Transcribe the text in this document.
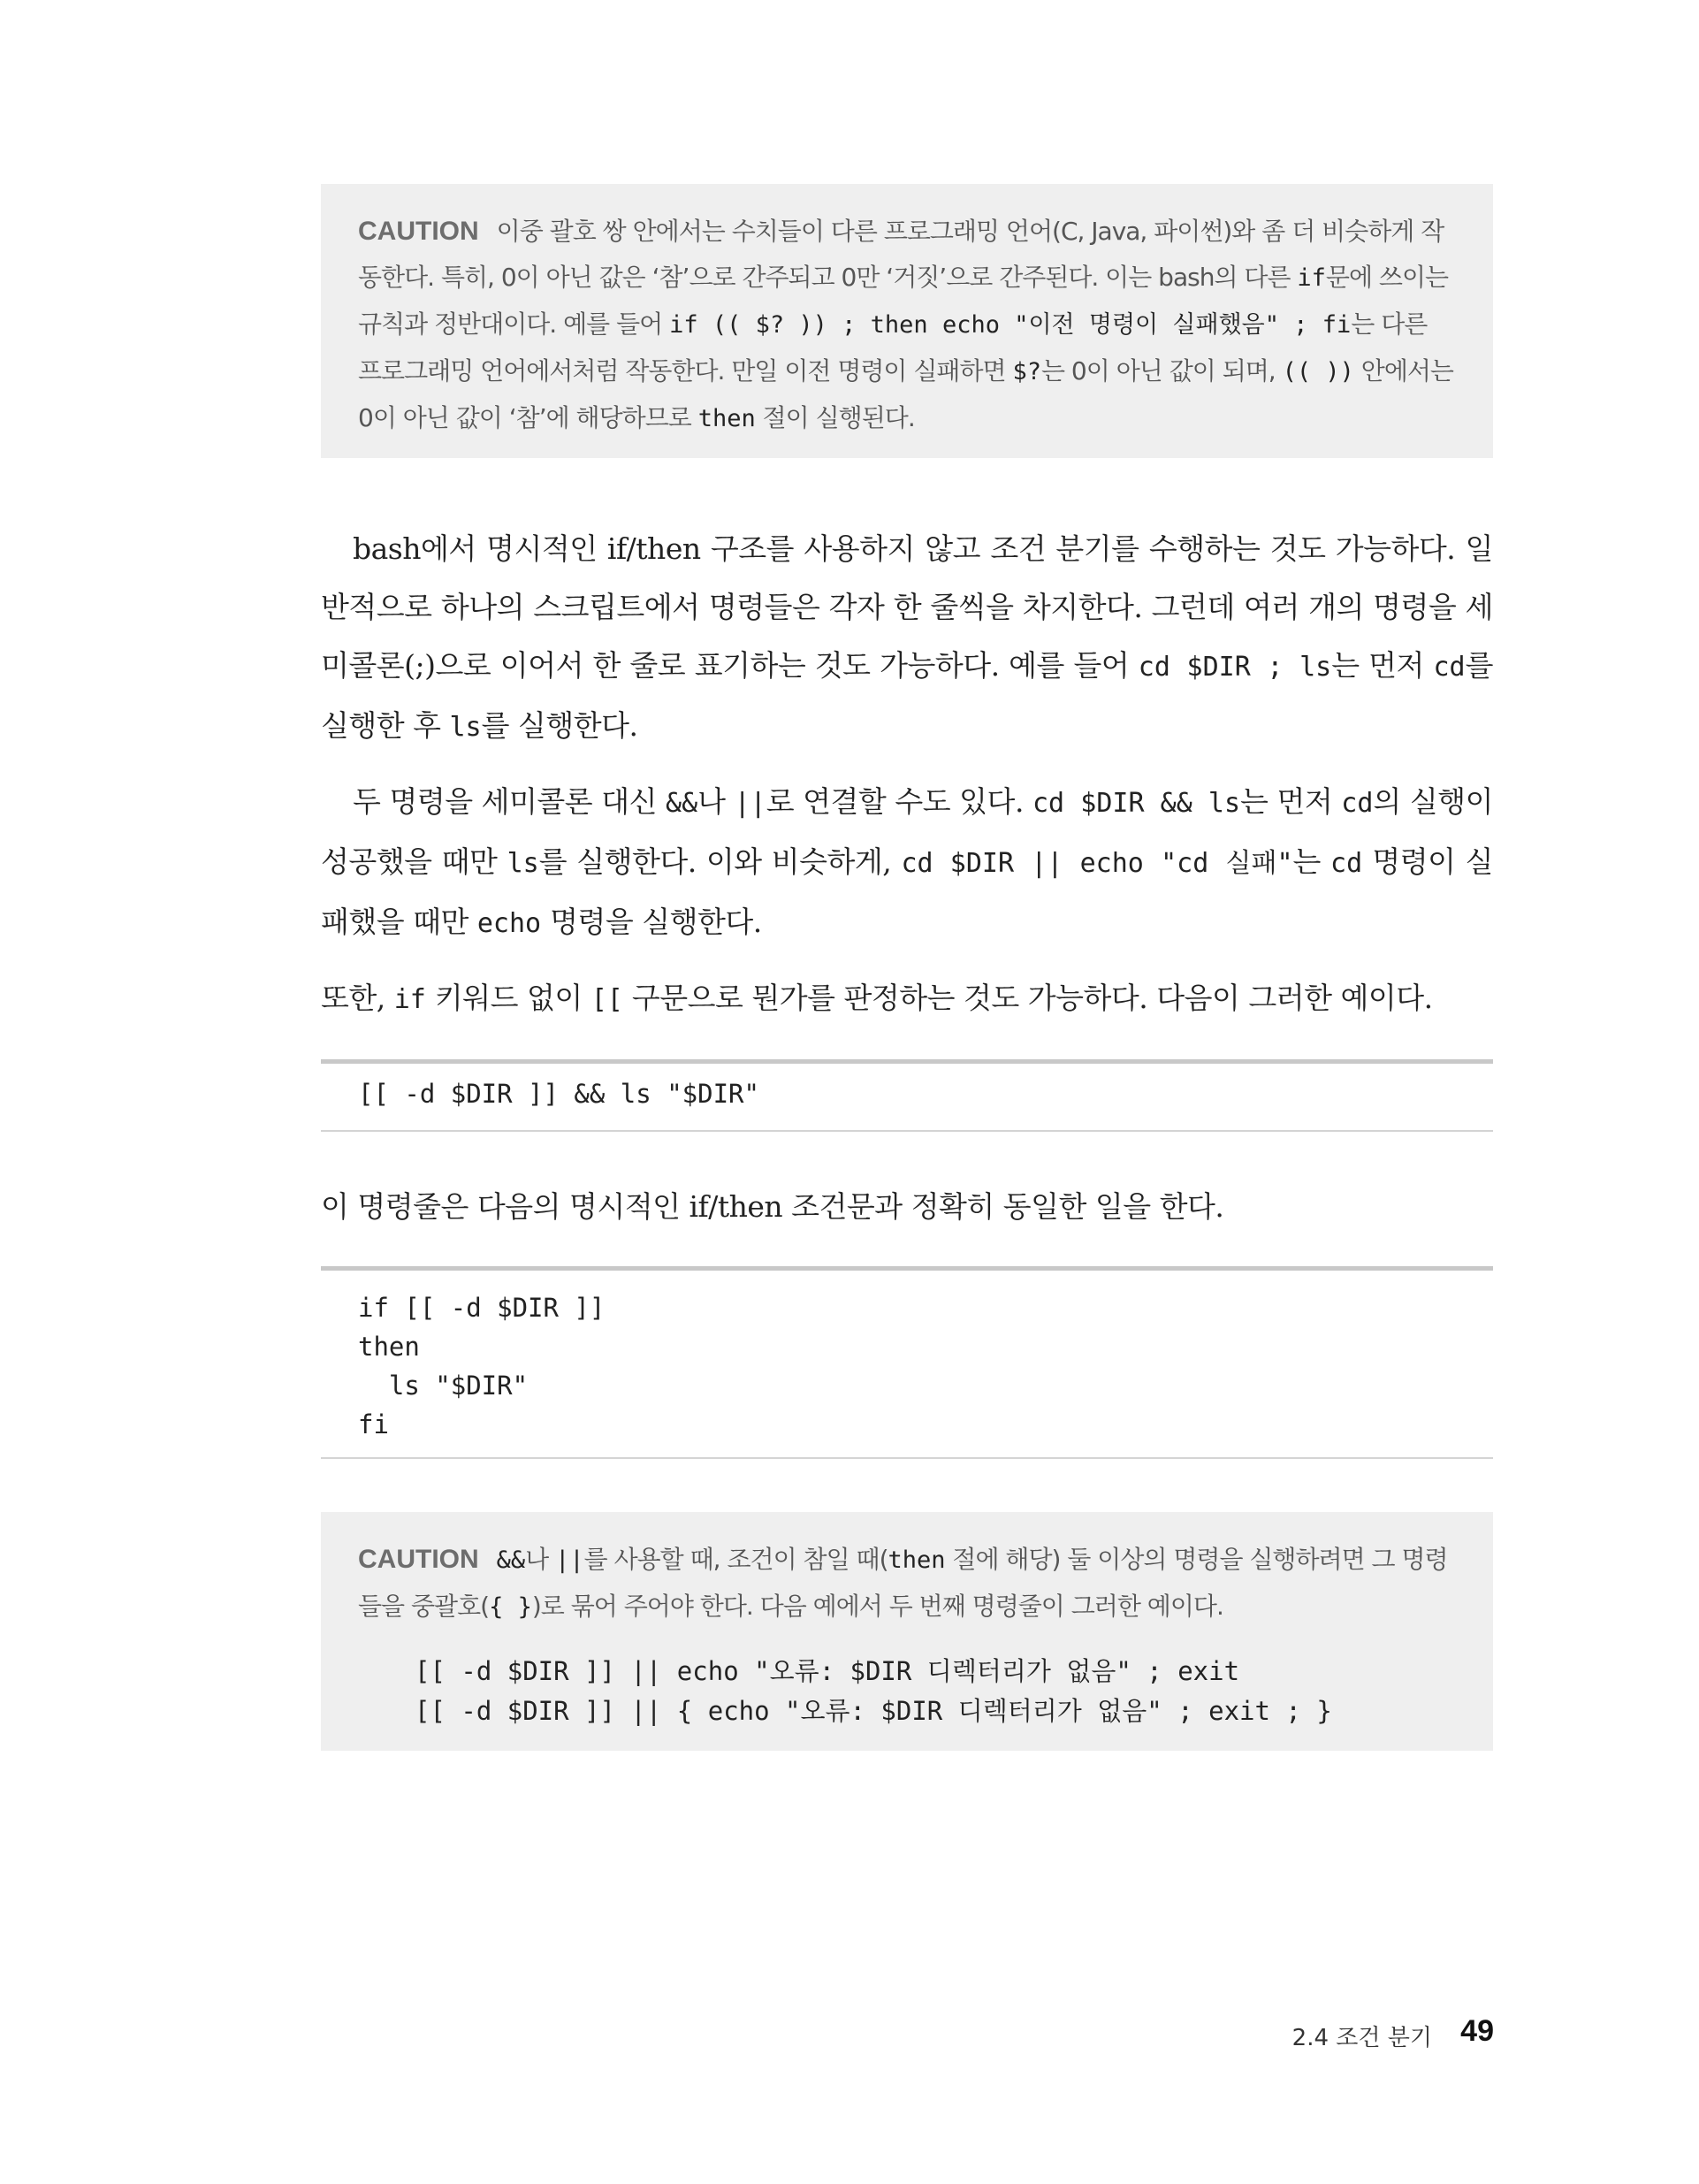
CAUTION 이중 괄호 쌍 안에서는 수치들이 다른 프로그래밍 언어(C, Java, 파이썬)와 좀 더 비슷하게 작동한다. 특히, 0이 아닌 값은 ‘참’으로 간주되고 0만 ‘거짓’으로 간주된다. 이는 bash의 다른 if문에 쓰이는 규칙과 정반대이다. 예를 들어 if (( $? )) ; then echo "이전 명령이 실패했음" ; fi는 다른 프로그래밍 언어에서처럼 작동한다. 만일 이전 명령이 실패하면 $?는 0이 아닌 값이 되며, (( )) 안에서는 0이 아닌 값이 ‘참’에 해당하므로 then 절이 실행된다.
bash에서 명시적인 if/then 구조를 사용하지 않고 조건 분기를 수행하는 것도 가능하다. 일반적으로 하나의 스크립트에서 명령들은 각자 한 줄씩을 차지한다. 그런데 여러 개의 명령을 세미콜론(;)으로 이어서 한 줄로 표기하는 것도 가능하다. 예를 들어 cd $DIR ; ls는 먼저 cd를 실행한 후 ls를 실행한다.
두 명령을 세미콜론 대신 &&나 ||로 연결할 수도 있다. cd $DIR && ls는 먼저 cd의 실행이 성공했을 때만 ls를 실행한다. 이와 비슷하게, cd $DIR || echo "cd 실패"는 cd 명령이 실패했을 때만 echo 명령을 실행한다.
또한, if 키워드 없이 [[ 구문으로 뭔가를 판정하는 것도 가능하다. 다음이 그러한 예이다.
[[ -d $DIR ]] && ls "$DIR"
이 명령줄은 다음의 명시적인 if/then 조건문과 정확히 동일한 일을 한다.
if [[ -d $DIR ]]
then
ls "$DIR"
fi
CAUTION &&나 ||를 사용할 때, 조건이 참일 때(then 절에 해당) 둘 이상의 명령을 실행하려면 그 명령들을 중괄호({ })로 묶어 주어야 한다. 다음 예에서 두 번째 명령줄이 그러한 예이다.
[[ -d $DIR ]] || echo "오류: $DIR 디렉터리가 없음" ; exit
[[ -d $DIR ]] || { echo "오류: $DIR 디렉터리가 없음" ; exit ; }
2.4 조건 분기 49
